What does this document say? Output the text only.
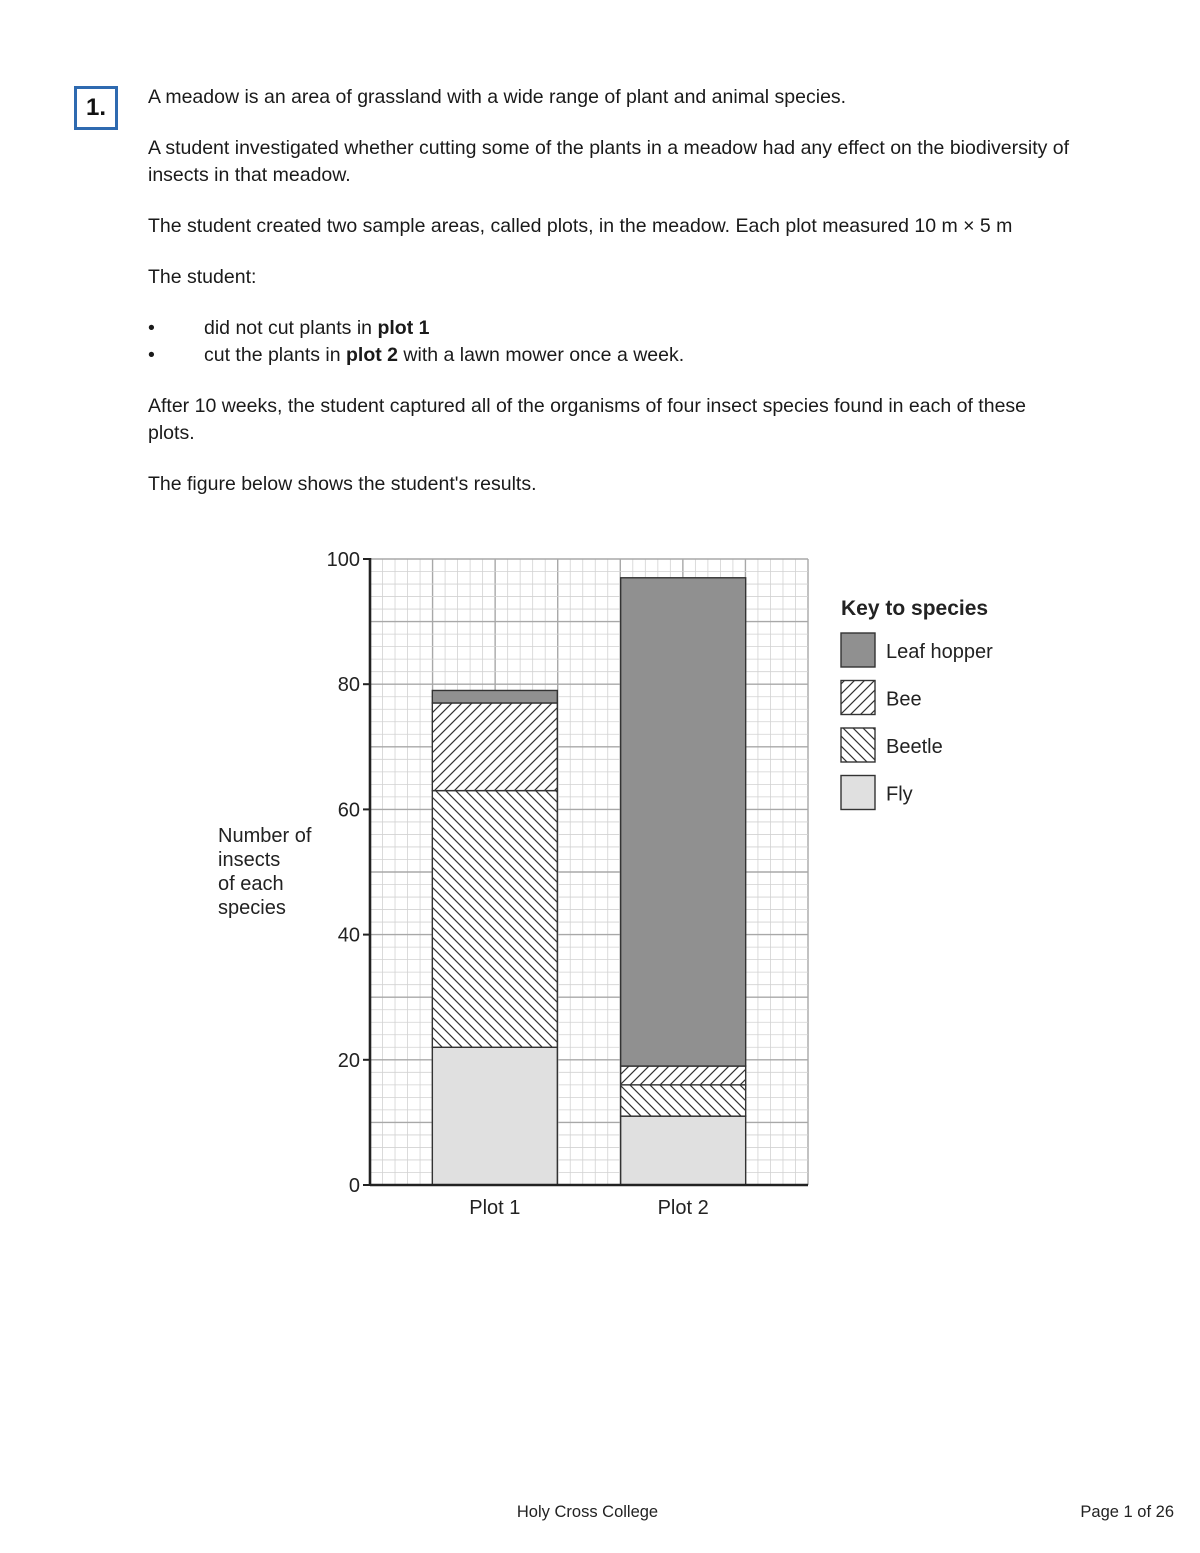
1. A meadow is an area of grassland with a wide range of plant and animal species.

A student investigated whether cutting some of the plants in a meadow had any effect on the biodiversity of insects in that meadow.

The student created two sample areas, called plots, in the meadow. Each plot measured 10 m × 5 m

The student:

•	did not cut plants in plot 1
•	cut the plants in plot 2 with a lawn mower once a week.

After 10 weeks, the student captured all of the organisms of four insect species found in each of these plots.

The figure below shows the student's results.

Plot 1	Plot 2
0
20
40
60
80
100
Number of
insects
of each
species
Key to species
Leaf hopper
Bee
Beetle
Fly
Holy Cross College	Page 1 of 26
